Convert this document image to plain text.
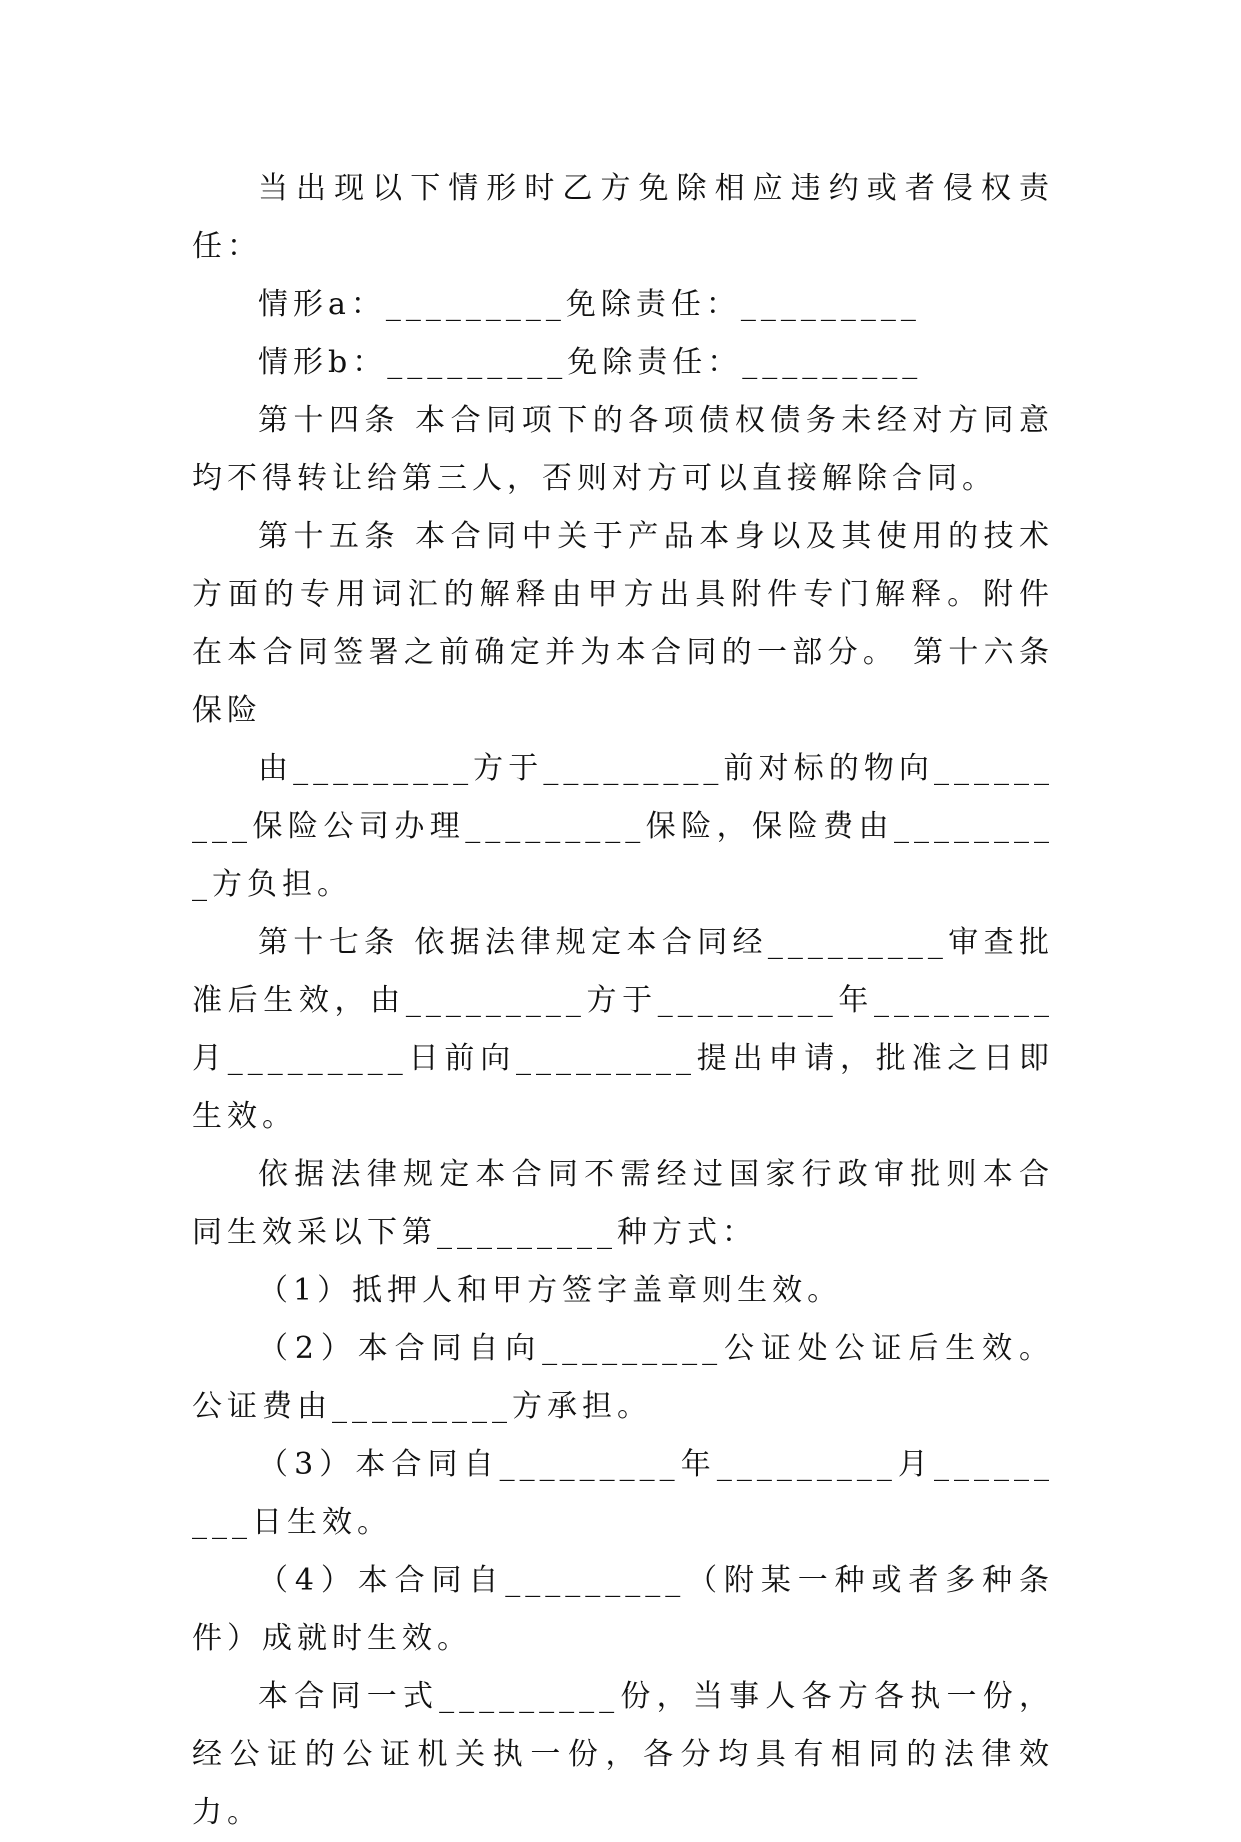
当出现以下情形时乙方免除相应违约或者侵权责任：

情形a：_________免除责任：_________

情形b：_________免除责任：_________

第十四条 本合同项下的各项债权债务未经对方同意均不得转让给第三人，否则对方可以直接解除合同。

第十五条 本合同中关于产品本身以及其使用的技术方面的专用词汇的解释由甲方出具附件专门解释。附件在本合同签署之前确定并为本合同的一部分。 第十六条 保险

由_________方于_________前对标的物向_________保险公司办理_________保险，保险费由_________方负担。

第十七条 依据法律规定本合同经_________审查批准后生效，由_________方于_________年_________月_________日前向_________提出申请，批准之日即生效。

依据法律规定本合同不需经过国家行政审批则本合同生效采以下第_________种方式：

（1）抵押人和甲方签字盖章则生效。

（2）本合同自向_________公证处公证后生效。公证费由_________方承担。

（3）本合同自_________年_________月_________日生效。

（4）本合同自_________（附某一种或者多种条件）成就时生效。

本合同一式_________份，当事人各方各执一份，经公证的公证机关执一份，各分均具有相同的法律效力。
